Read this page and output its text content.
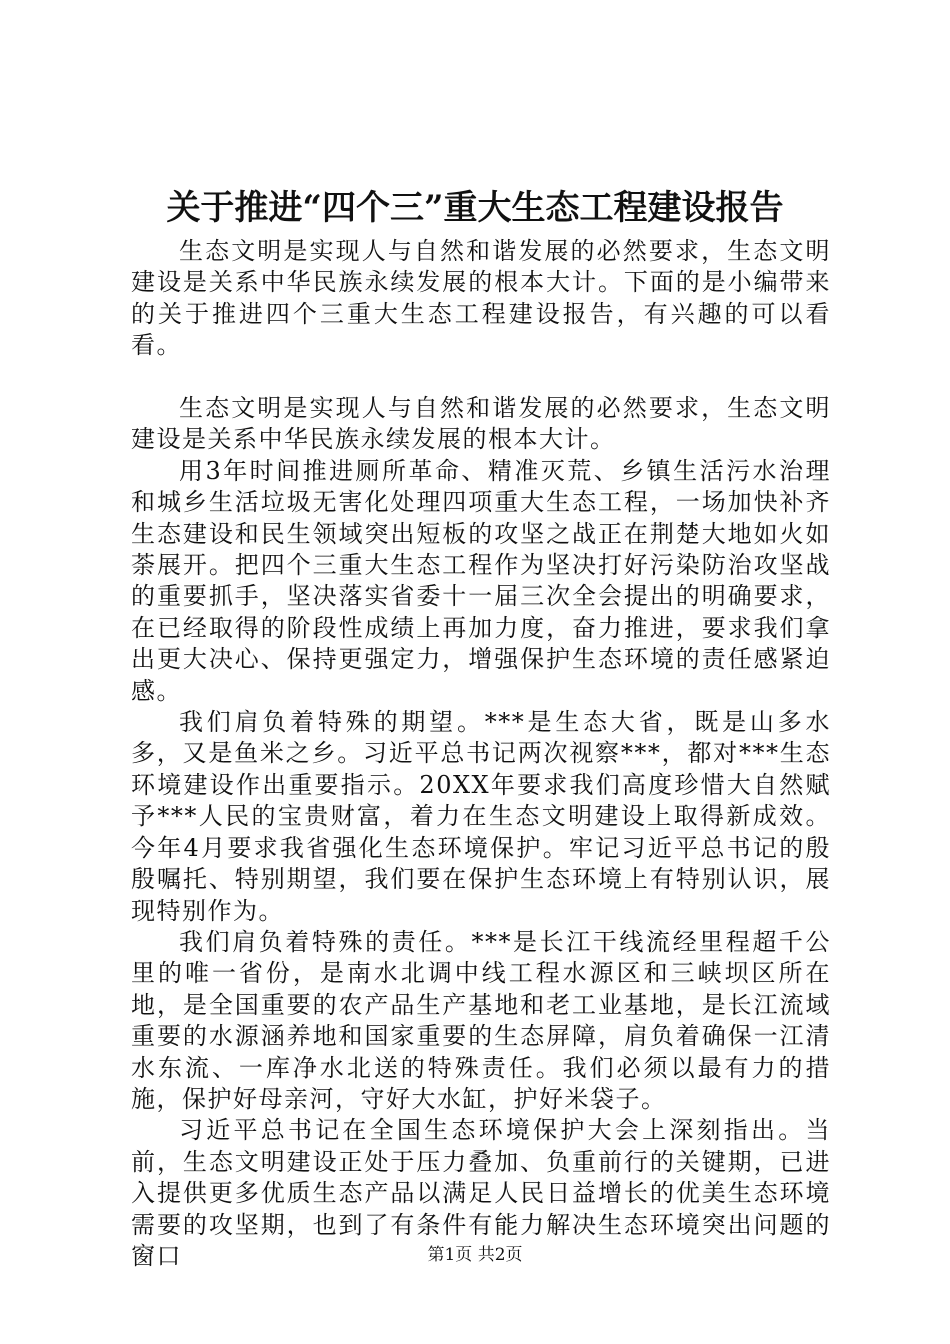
关于推进“四个三”重大生态工程建设报告

生态文明是实现人与自然和谐发展的必然要求，生态文明建设是关系中华民族永续发展的根本大计。下面的是小编带来的关于推进四个三重大生态工程建设报告，有兴趣的可以看看。

生态文明是实现人与自然和谐发展的必然要求，生态文明建设是关系中华民族永续发展的根本大计。

用3年时间推进厕所革命、精准灭荒、乡镇生活污水治理和城乡生活垃圾无害化处理四项重大生态工程，一场加快补齐生态建设和民生领域突出短板的攻坚之战正在荆楚大地如火如荼展开。把四个三重大生态工程作为坚决打好污染防治攻坚战的重要抓手，坚决落实省委十一届三次全会提出的明确要求，在已经取得的阶段性成绩上再加力度，奋力推进，要求我们拿出更大决心、保持更强定力，增强保护生态环境的责任感紧迫感。

我们肩负着特殊的期望。***是生态大省，既是山多水多，又是鱼米之乡。习近平总书记两次视察***，都对***生态环境建设作出重要指示。20XX年要求我们高度珍惜大自然赋予***人民的宝贵财富，着力在生态文明建设上取得新成效。今年4月要求我省强化生态环境保护。牢记习近平总书记的殷殷嘱托、特别期望，我们要在保护生态环境上有特别认识，展现特别作为。

我们肩负着特殊的责任。***是长江干线流经里程超千公里的唯一省份，是南水北调中线工程水源区和三峡坝区所在地，是全国重要的农产品生产基地和老工业基地，是长江流域重要的水源涵养地和国家重要的生态屏障，肩负着确保一江清水东流、一库净水北送的特殊责任。我们必须以最有力的措施，保护好母亲河，守好大水缸，护好米袋子。

习近平总书记在全国生态环境保护大会上深刻指出。当前，生态文明建设正处于压力叠加、负重前行的关键期，已进入提供更多优质生态产品以满足人民日益增长的优美生态环境需要的攻坚期，也到了有条件有能力解决生态环境突出问题的窗口	第1页 共2页
